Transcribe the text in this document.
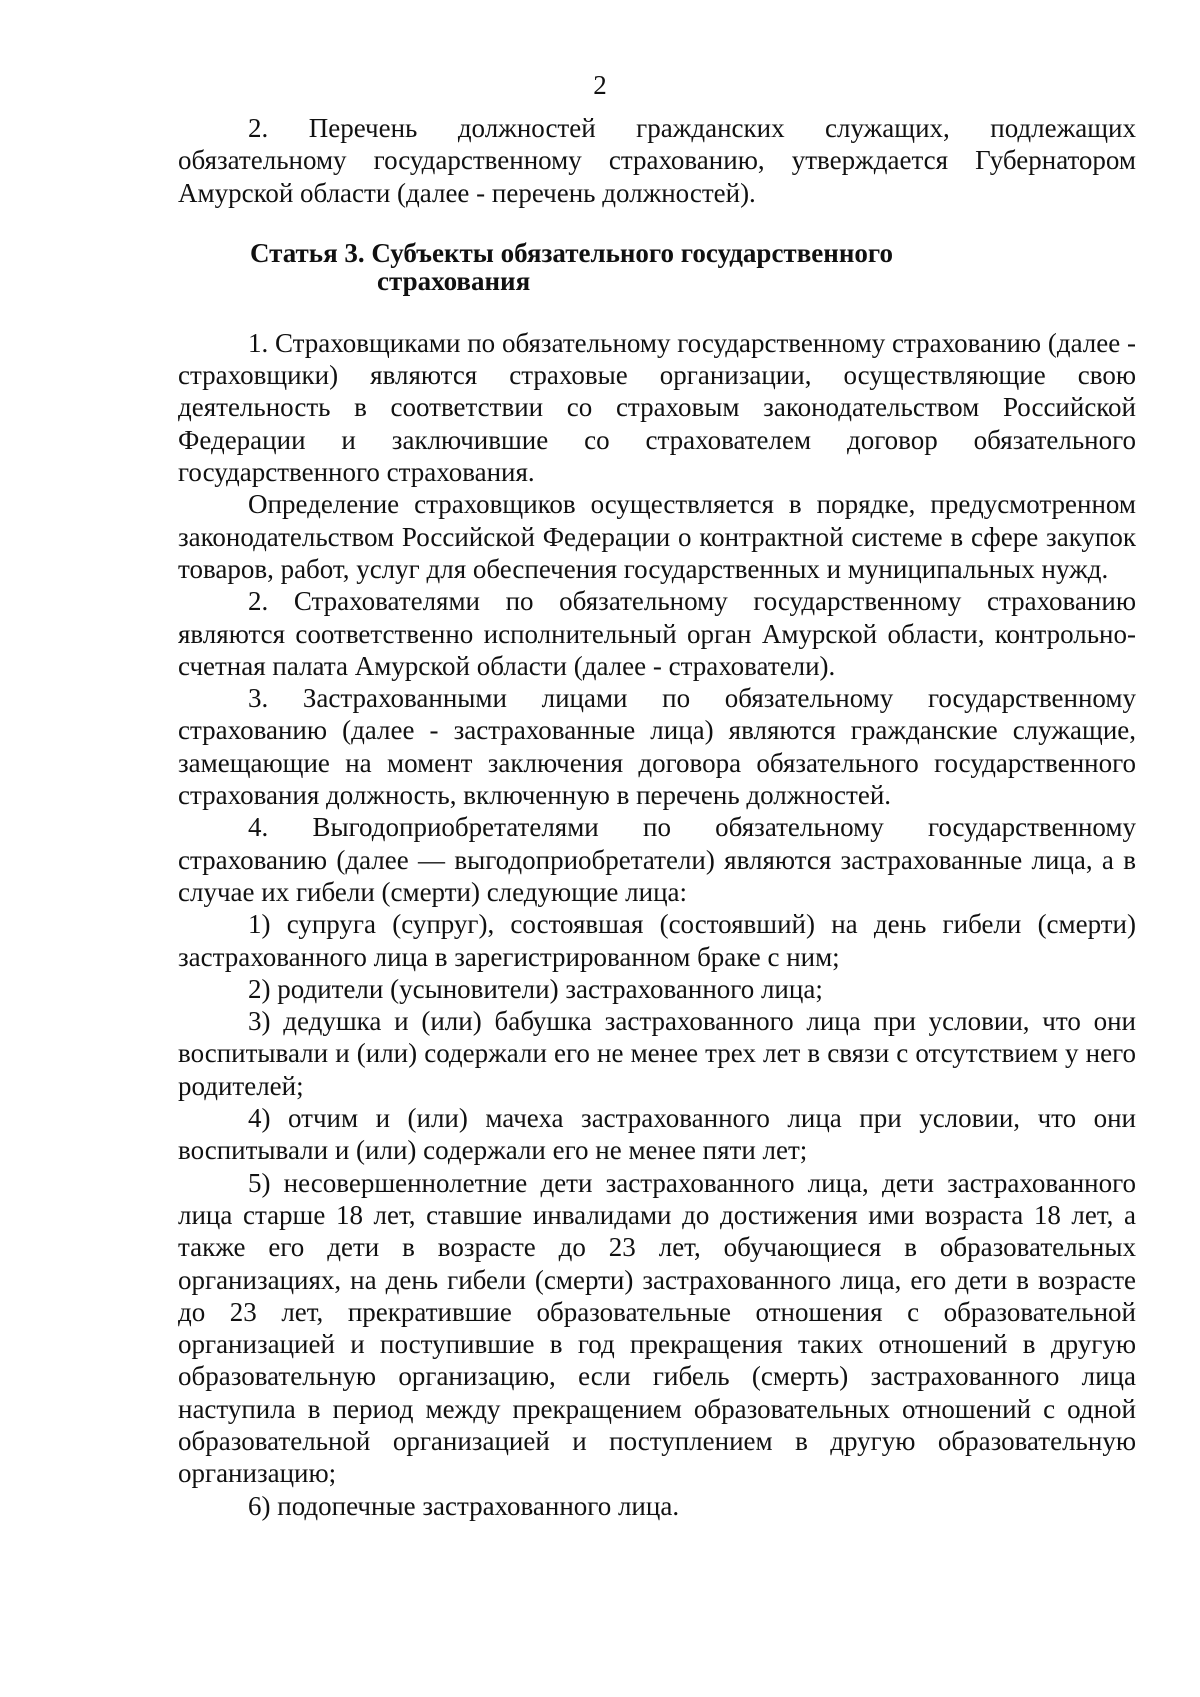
2

2. Перечень должностей гражданских служащих, подлежащих обязательному государственному страхованию, утверждается Губернатором Амурской области (далее - перечень должностей).

Статья 3. Субъекты обязательного государственного
страхования

1. Страховщиками по обязательному государственному страхованию (далее - страховщики) являются страховые организации, осуществляющие свою деятельность в соответствии со страховым законодательством Российской Федерации и заключившие со страхователем договор обязательного государственного страхования.

Определение страховщиков осуществляется в порядке, предусмотренном законодательством Российской Федерации о контрактной системе в сфере закупок товаров, работ, услуг для обеспечения государственных и муниципальных нужд.

2. Страхователями по обязательному государственному страхованию являются соответственно исполнительный орган Амурской области, контрольно-счетная палата Амурской области (далее - страхователи).

3. Застрахованными лицами по обязательному государственному страхованию (далее - застрахованные лица) являются гражданские служащие, замещающие на момент заключения договора обязательного государственного страхования должность, включенную в перечень должностей.

4. Выгодоприобретателями по обязательному государственному страхованию (далее — выгодоприобретатели) являются застрахованные лица, а в случае их гибели (смерти) следующие лица:

1) супруга (супруг), состоявшая (состоявший) на день гибели (смерти) застрахованного лица в зарегистрированном браке с ним;

2) родители (усыновители) застрахованного лица;

3) дедушка и (или) бабушка застрахованного лица при условии, что они воспитывали и (или) содержали его не менее трех лет в связи с отсутствием у него родителей;

4) отчим и (или) мачеха застрахованного лица при условии, что они воспитывали и (или) содержали его не менее пяти лет;

5) несовершеннолетние дети застрахованного лица, дети застрахованного лица старше 18 лет, ставшие инвалидами до достижения ими возраста 18 лет, а также его дети в возрасте до 23 лет, обучающиеся в образовательных организациях, на день гибели (смерти) застрахованного лица, его дети в возрасте до 23 лет, прекратившие образовательные отношения с образовательной организацией и поступившие в год прекращения таких отношений в другую образовательную организацию, если гибель (смерть) застрахованного лица наступила в период между прекращением образовательных отношений с одной образовательной организацией и поступлением в другую образовательную организацию;

6) подопечные застрахованного лица.
